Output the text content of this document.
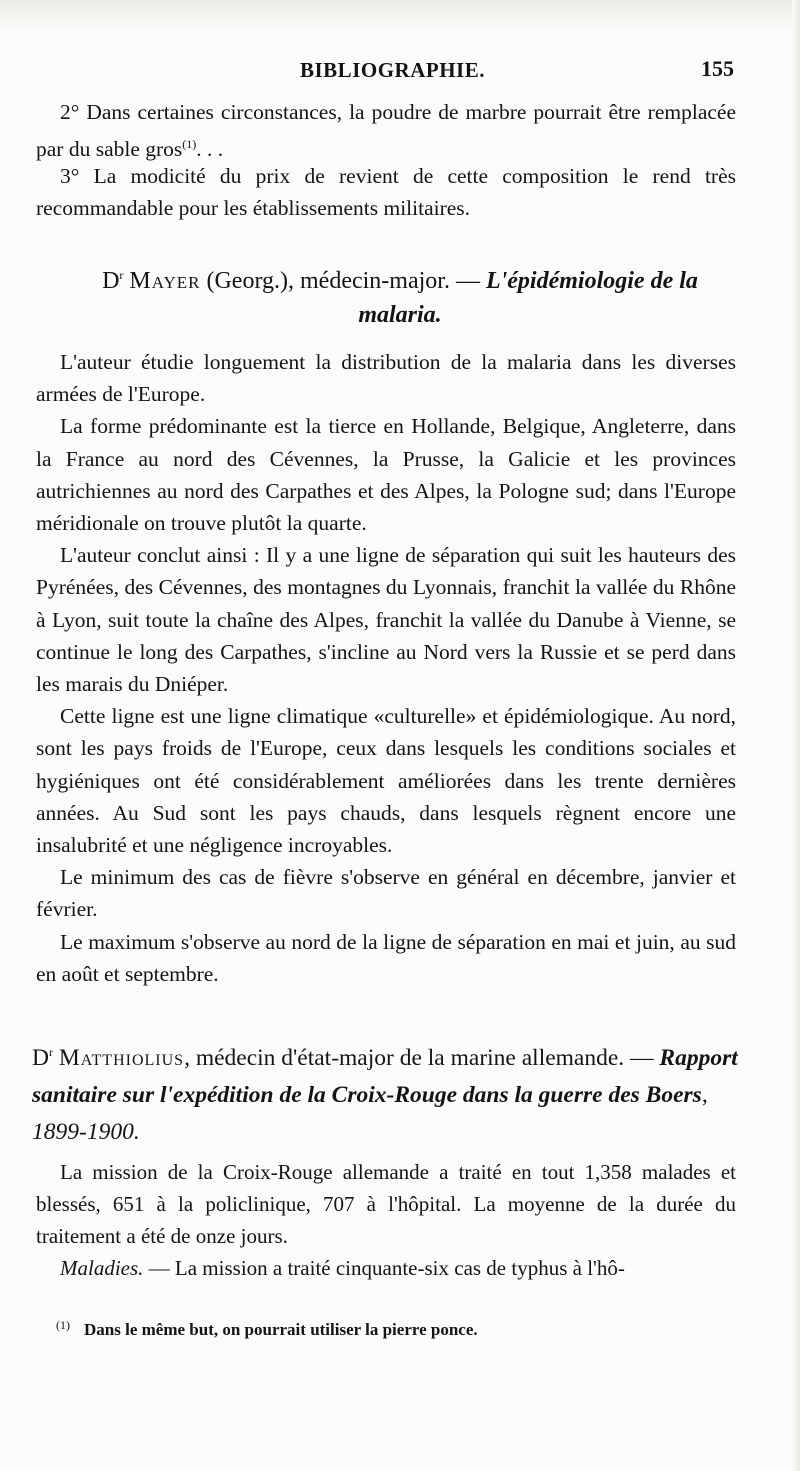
BIBLIOGRAPHIE.	155

2° Dans certaines circonstances, la poudre de marbre pourrait être remplacée par du sable gros$^{(1)}$. . .

3° La modicité du prix de revient de cette composition le rend très recommandable pour les établissements militaires.

$D^r$ Mayer (Georg.), médecin-major. — L'épidémiologie de la malaria.

L'auteur étudie longuement la distribution de la malaria dans les diverses armées de l'Europe.

La forme prédominante est la tierce en Hollande, Belgique, Angleterre, dans la France au nord des Cévennes, la Prusse, la Galicie et les provinces autrichiennes au nord des Carpathes et des Alpes, la Pologne sud; dans l'Europe méridionale on trouve plutôt la quarte.

L'auteur conclut ainsi : Il y a une ligne de séparation qui suit les hauteurs des Pyrénées, des Cévennes, des montagnes du Lyonnais, franchit la vallée du Rhône à Lyon, suit toute la chaîne des Alpes, franchit la vallée du Danube à Vienne, se continue le long des Carpathes, s'incline au Nord vers la Russie et se perd dans les marais du Dniéper.

Cette ligne est une ligne climatique «culturelle» et épidémiologique. Au nord, sont les pays froids de l'Europe, ceux dans lesquels les conditions sociales et hygiéniques ont été considérablement améliorées dans les trente dernières années. Au Sud sont les pays chauds, dans lesquels règnent encore une insalubrité et une négligence incroyables.

Le minimum des cas de fièvre s'observe en général en décembre, janvier et février.

Le maximum s'observe au nord de la ligne de séparation en mai et juin, au sud en août et septembre.

$D^r$ Matthiolius, médecin d'état-major de la marine allemande. — Rapport sanitaire sur l'expédition de la Croix-Rouge dans la guerre des Boers, 1899-1900.

La mission de la Croix-Rouge allemande a traité en tout 1,358 malades et blessés, 651 à la policlinique, 707 à l'hôpital. La moyenne de la durée du traitement a été de onze jours.

Maladies. — La mission a traité cinquante-six cas de typhus à l'hô-

$^{(1)}$ Dans le même but, on pourrait utiliser la pierre ponce.
